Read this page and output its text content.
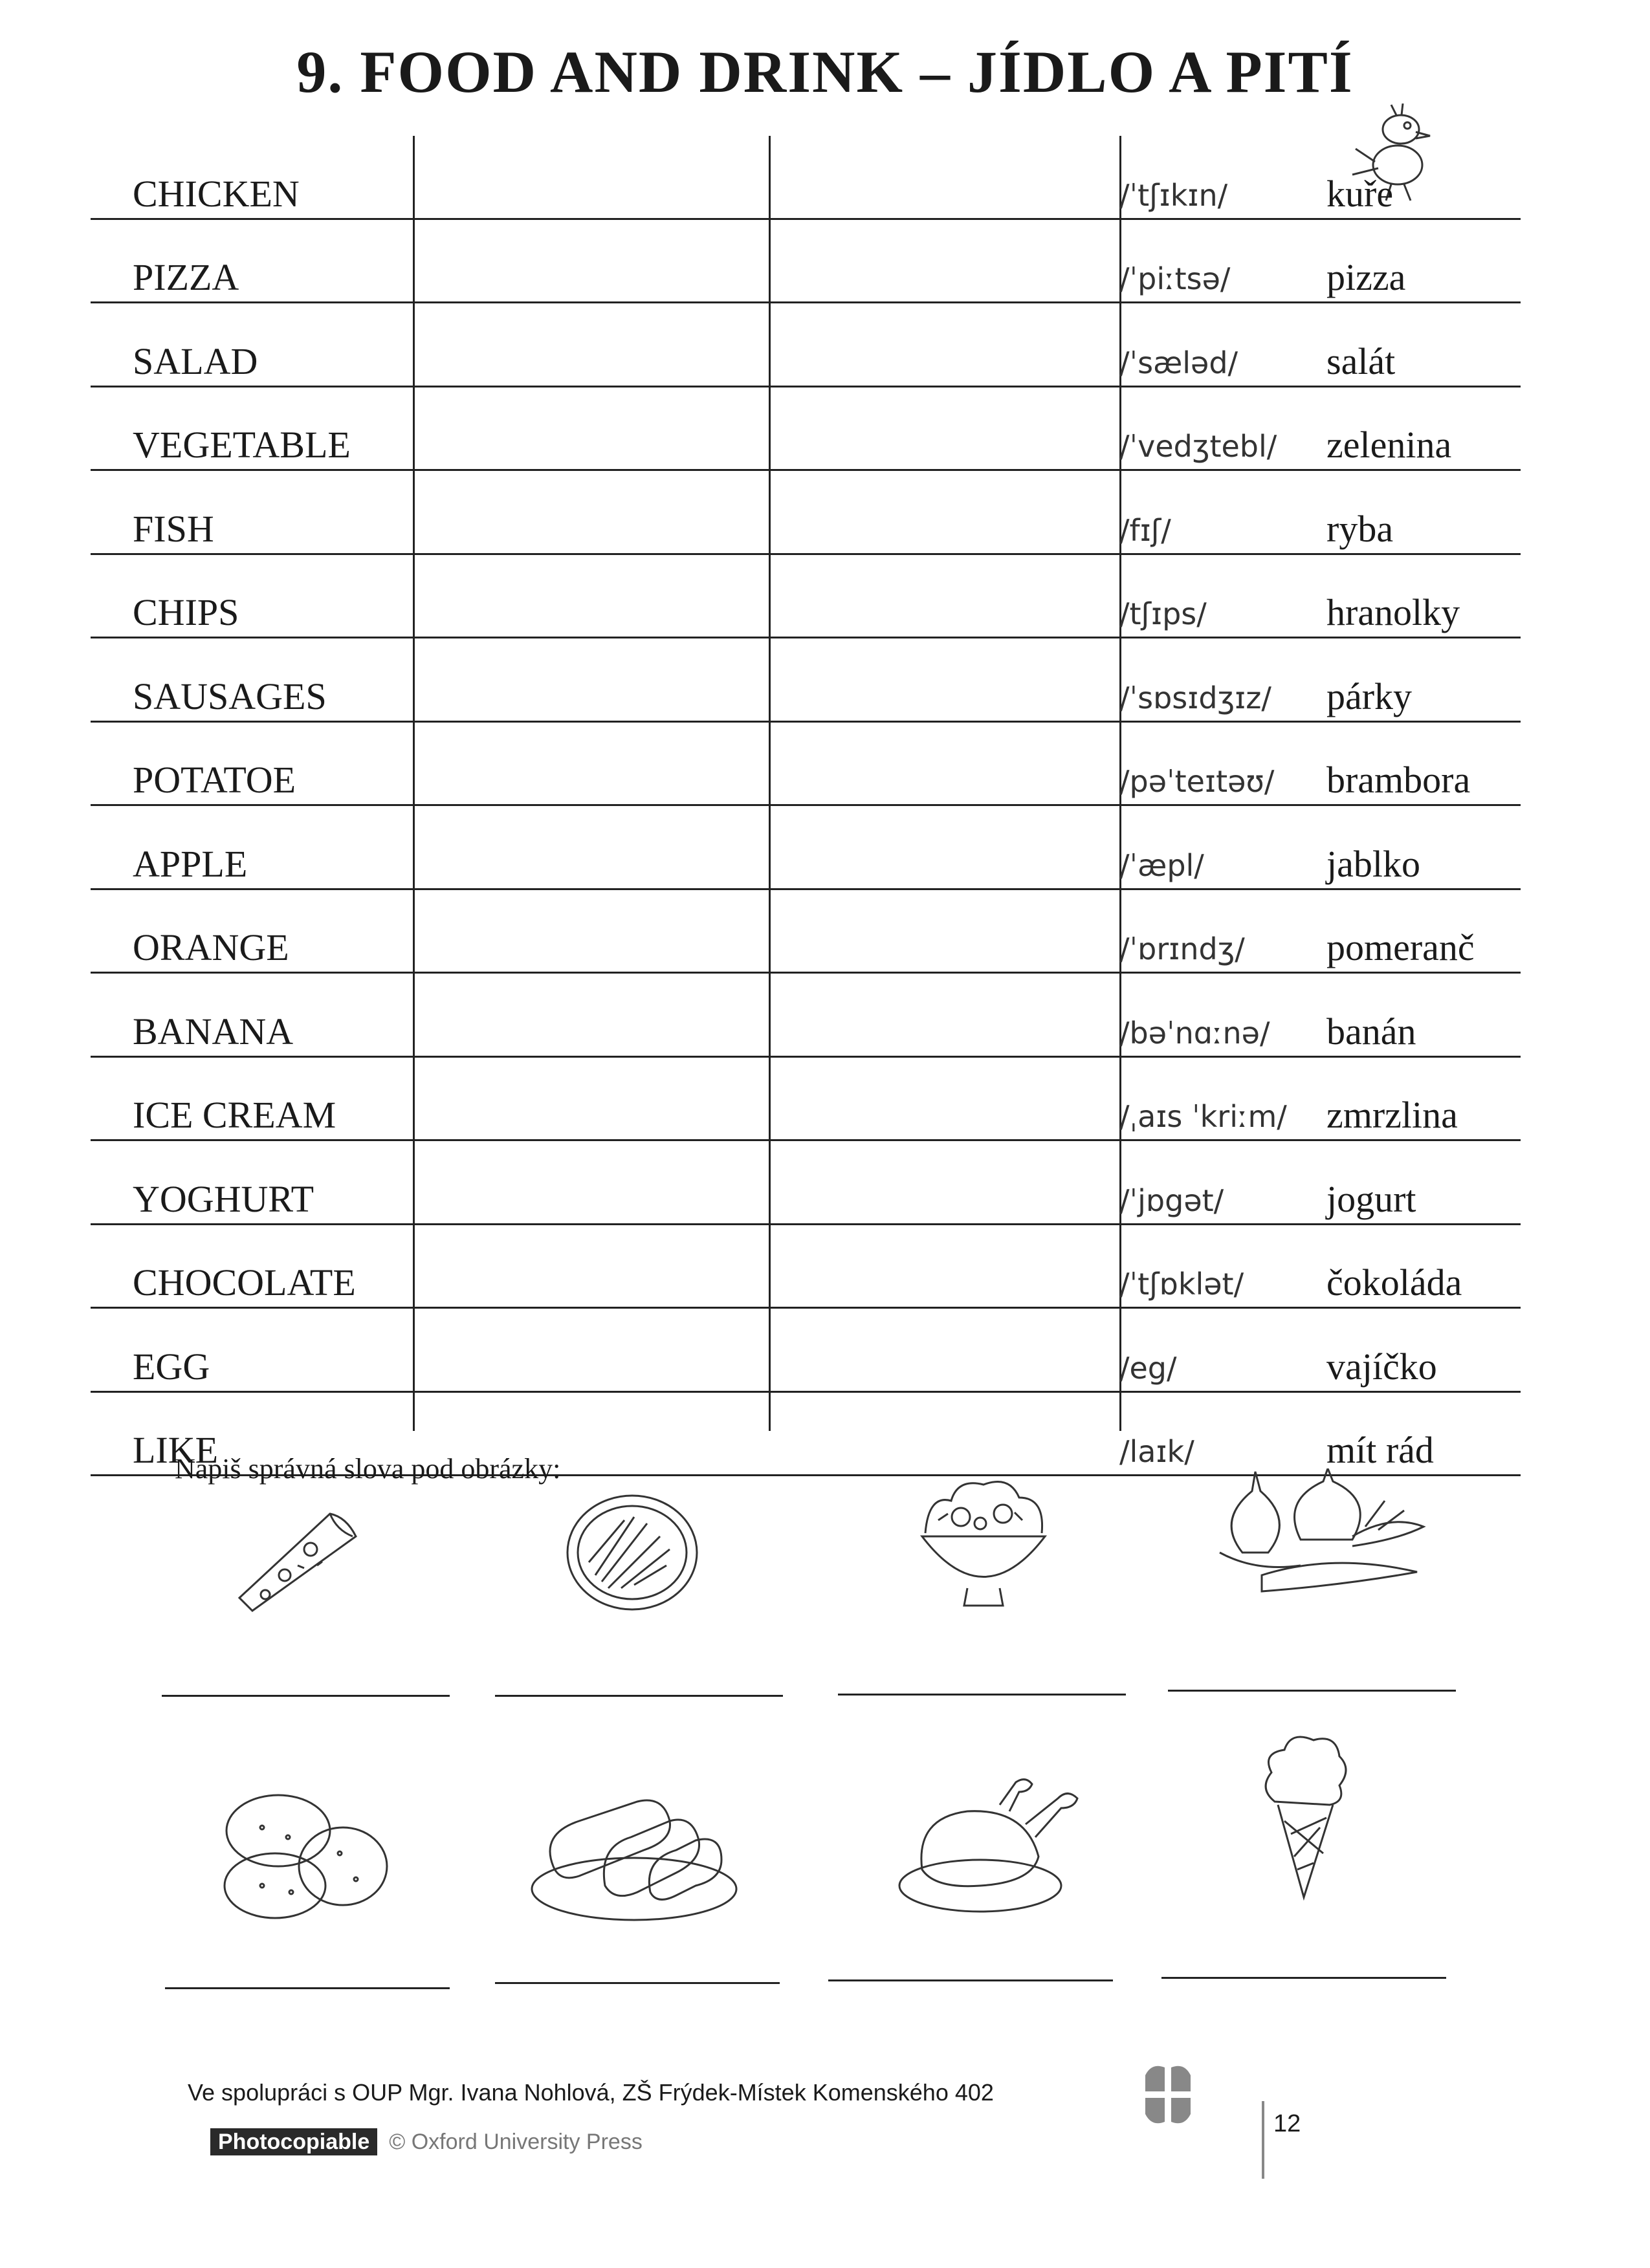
9. FOOD AND DRINK – JÍDLO A PITÍ
CHICKEN	/ˈtʃɪkɪn/	kuře
PIZZA	/ˈpiːtsə/	pizza
SALAD	/ˈsæləd/ salát
VEGETABLE	/ˈvedʒtebl/ zelenina
FISH	/fɪʃ/	ryba
CHIPS	/tʃɪps/	hranolky
SAUSAGES	/ˈsɒsɪdʒɪz/ párky
POTATOE	/pəˈteɪtəʊ/ brambora
APPLE	/ˈæpl/	jablko
ORANGE	/ˈɒrɪndʒ/ pomeranč
BANANA	/bəˈnɑːnə/ banán
ICE CREAM	/ˌaɪs ˈkriːm/ zmrzlina
YOGHURT	/ˈjɒgət/	jogurt
CHOCOLATE	/ˈtʃɒklət/ čokoláda
EGG	/eg/	vajíčko
LIKE	/laɪk/	mít rád
Napiš správná slova pod obrázky:
Ve spolupráci s OUP Mgr. Ivana Nohlová, ZŠ Frýdek-Místek Komenského 402
Photocopiable © Oxford University Press
12
